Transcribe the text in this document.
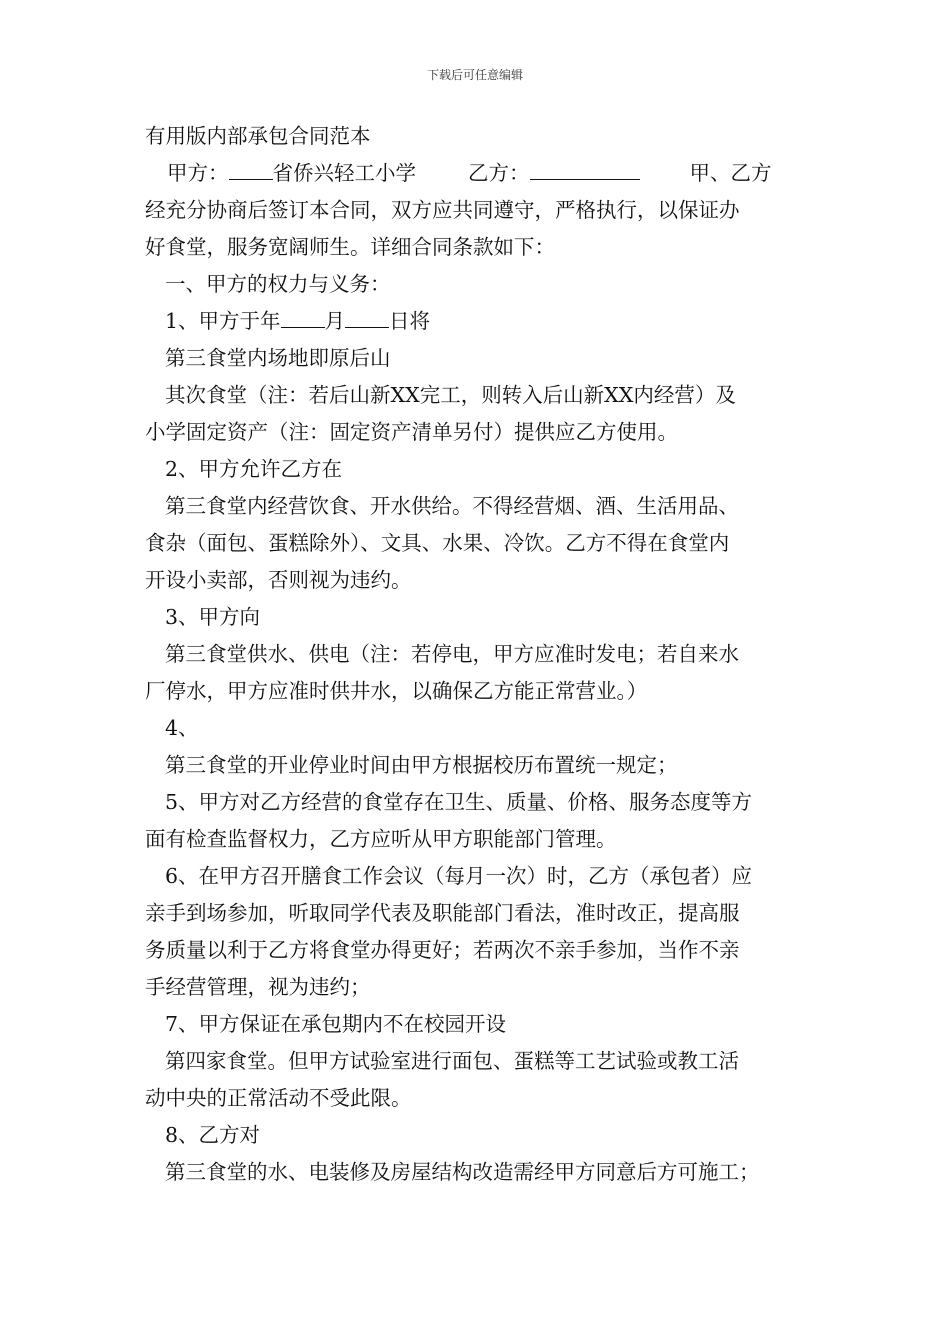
下载后可任意编辑
有用版内部承包合同范本
甲方： 省侨兴轻工小学	乙方：	甲、乙方
经充分协商后签订本合同，双方应共同遵守，严格执行，以保证办
好食堂，服务宽阔师生。详细合同条款如下：
一、甲方的权力与义务：
1、甲方于年 月 日将
第三食堂内场地即原后山
其次食堂（注：若后山新XX完工，则转入后山新XX内经营）及
小学固定资产（注：固定资产清单另付）提供应乙方使用。
2、甲方允许乙方在
第三食堂内经营饮食、开水供给。不得经营烟、酒、生活用品、
食杂（面包、蛋糕除外）、文具、水果、冷饮。乙方不得在食堂内
开设小卖部，否则视为违约。
3、甲方向
第三食堂供水、供电（注：若停电，甲方应准时发电；若自来水
厂停水，甲方应准时供井水，以确保乙方能正常营业。）
4、
第三食堂的开业停业时间由甲方根据校历布置统一规定；
5、甲方对乙方经营的食堂存在卫生、质量、价格、服务态度等方
面有检查监督权力，乙方应听从甲方职能部门管理。
6、在甲方召开膳食工作会议（每月一次）时，乙方（承包者）应
亲手到场参加，听取同学代表及职能部门看法，准时改正，提高服
务质量以利于乙方将食堂办得更好；若两次不亲手参加，当作不亲
手经营管理，视为违约；
7、甲方保证在承包期内不在校园开设
第四家食堂。但甲方试验室进行面包、蛋糕等工艺试验或教工活
动中央的正常活动不受此限。
8、乙方对
第三食堂的水、电装修及房屋结构改造需经甲方同意后方可施工；
